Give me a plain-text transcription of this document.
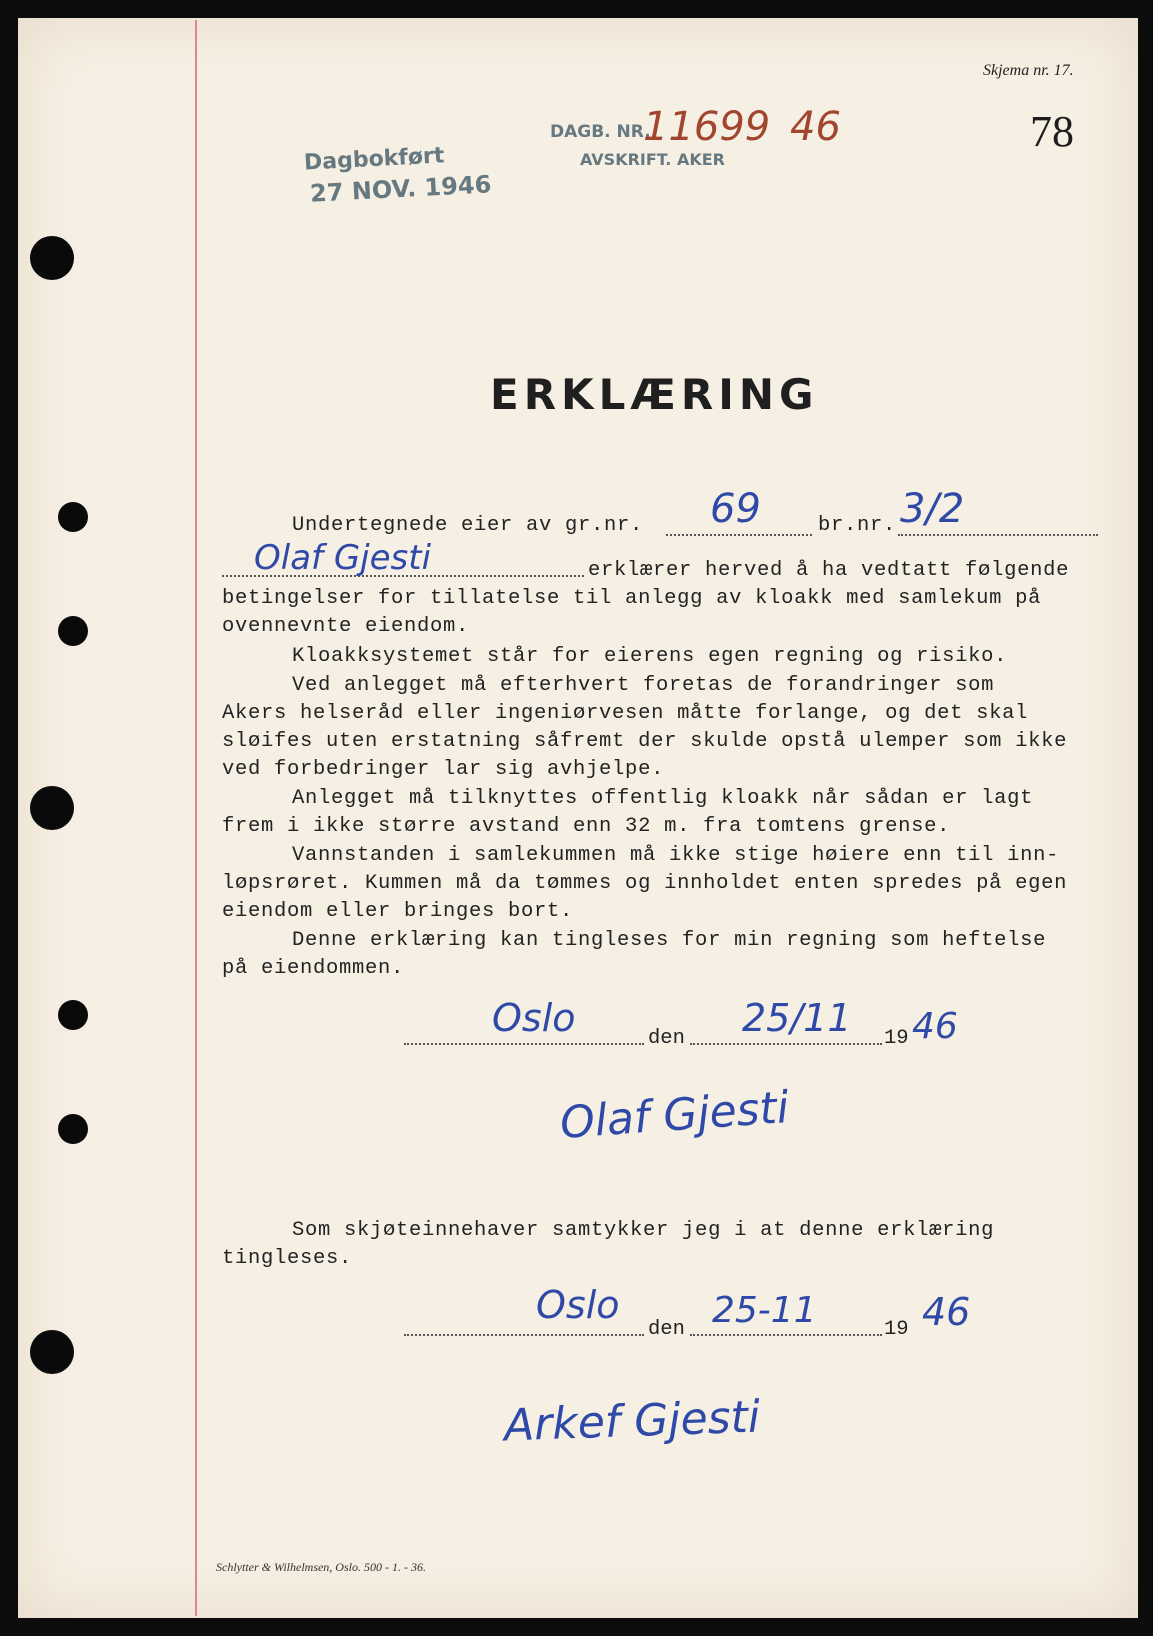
Skjema nr. 17.
78
Dagbokført
27 NOV. 1946
DAGB. NR.
AVSKRIFT. AKER
11699 46
ERKLÆRING
Undertegnede eier av gr.nr. 69	br.nr. 3/2
Olaf Gjesti	erklærer herved å ha vedtatt følgende
betingelser for tillatelse til anlegg av kloakk med samlekum på
ovennevnte eiendom.
Kloakksystemet står for eierens egen regning og risiko.
Ved anlegget må efterhvert foretas de forandringer som
Akers helseråd eller ingeniørvesen måtte forlange, og det skal
sløifes uten erstatning såfremt der skulde opstå ulemper som ikke
ved forbedringer lar sig avhjelpe.
Anlegget må tilknyttes offentlig kloakk når sådan er lagt
frem i ikke større avstand enn 32 m. fra tomtens grense.
Vannstanden i samlekummen må ikke stige høiere enn til inn-
løpsrøret. Kummen må da tømmes og innholdet enten spredes på egen
eiendom eller bringes bort.
Denne erklæring kan tingleses for min regning som heftelse
på eiendommen.
Oslo	den 25/11 19 46
Olaf Gjesti
Som skjøteinnehaver samtykker jeg i at denne erklæring
tingleses.
Oslo
den 25-11	19 46
Arkef Gjesti
Schlytter & Wilhelmsen, Oslo. 500 - 1. - 36.
